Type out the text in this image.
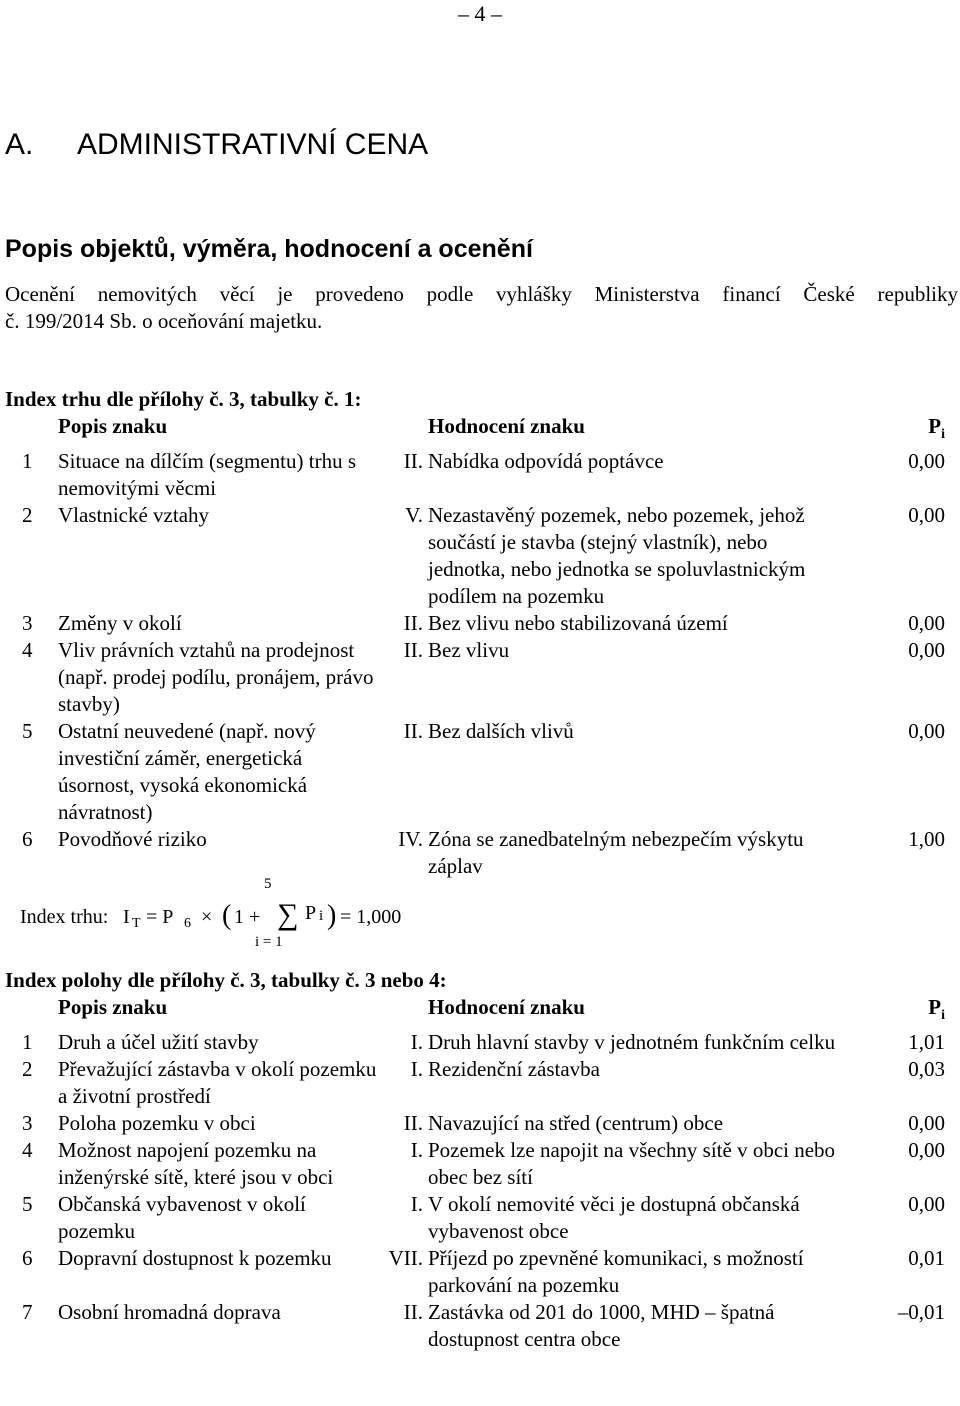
– 4 –
A. ADMINISTRATIVNÍ CENA
Popis objektů, výměra, hodnocení a ocenění
Ocenění nemovitých věcí je provedeno podle vyhlášky Ministerstva financí České republiky
č. 199/2014 Sb. o oceňování majetku.
Index trhu dle přílohy č. 3, tabulky č. 1:
	Popis znaku		Hodnocení znaku	$P_i$
1	Situace na dílčím (segmentu) trhu s nemovitými věcmi	II.	Nabídka odpovídá poptávce	0,00
2	Vlastnické vztahy	V.	Nezastavěný pozemek, nebo pozemek, jehož součástí je stavba (stejný vlastník), nebo jednotka, nebo jednotka se spoluvlastnickým podílem na pozemku	0,00
3	Změny v okolí	II.	Bez vlivu nebo stabilizovaná území	0,00
4	Vliv právních vztahů na prodejnost (např. prodej podílu, pronájem, právo stavby)	II.	Bez vlivu	0,00
5	Ostatní neuvedené (např. nový investiční záměr, energetická úsornost, vysoká ekonomická návratnost)	II.	Bez dalších vlivů	0,00
6	Povodňové riziko	IV.	Zóna se zanedbatelným nebezpečím výskytu záplav	1,00
Index trhu: I T = P 6 × ( 1 + ∑
5
i = 1
P i ) = 1,000
Index polohy dle přílohy č. 3, tabulky č. 3 nebo 4:
	Popis znaku		Hodnocení znaku	$P_i$
1	Druh a účel užití stavby	I.	Druh hlavní stavby v jednotném funkčním celku	1,01
2	Převažující zástavba v okolí pozemku a životní prostředí	I.	Rezidenční zástavba	0,03
3	Poloha pozemku v obci	II.	Navazující na střed (centrum) obce	0,00
4	Možnost napojení pozemku na inženýrské sítě, které jsou v obci	I.	Pozemek lze napojit na všechny sítě v obci nebo obec bez sítí	0,00
5	Občanská vybavenost v okolí pozemku	I.	V okolí nemovité věci je dostupná občanská vybavenost obce	0,00
6	Dopravní dostupnost k pozemku	VII.	Příjezd po zpevněné komunikaci, s možností parkování na pozemku	0,01
7	Osobní hromadná doprava	II.	Zastávka od 201 do 1000, MHD – špatná dostupnost centra obce	–0,01
